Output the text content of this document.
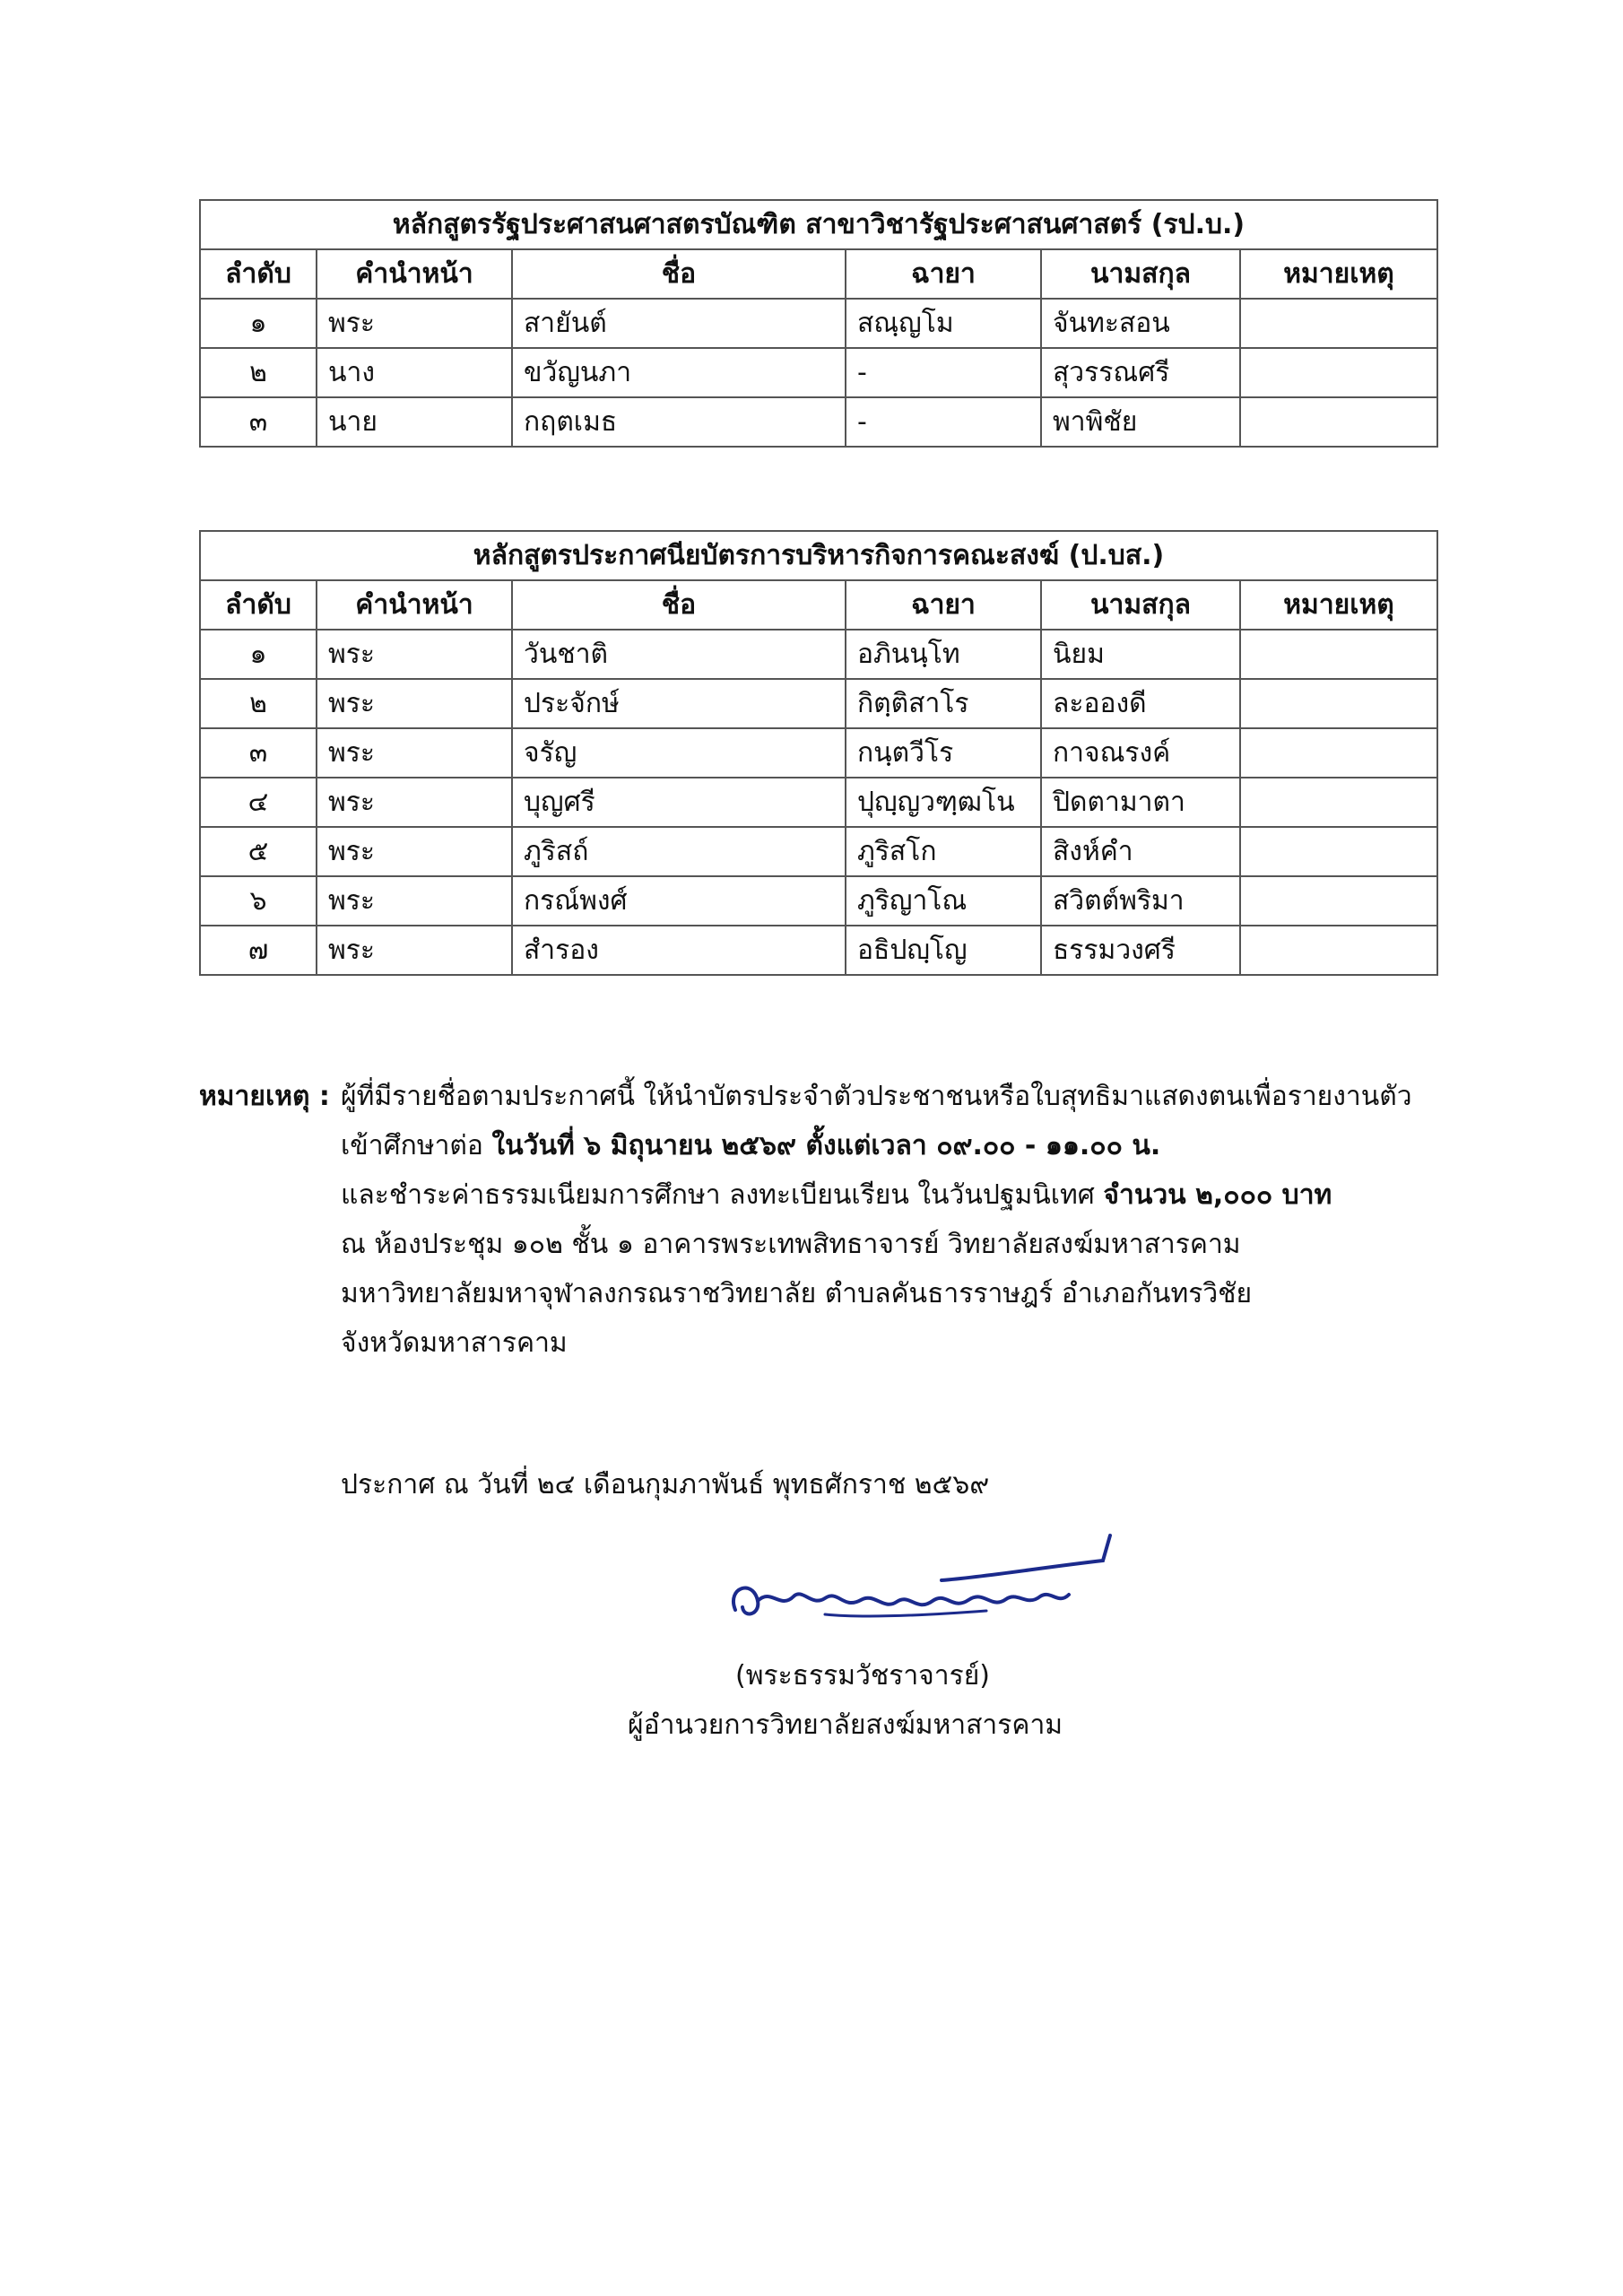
หลักสูตรรัฐประศาสนศาสตรบัณฑิต สาขาวิชารัฐประศาสนศาสตร์ (รป.บ.)					
ลำดับ	คำนำหน้า	ชื่อ	ฉายา	นามสกุล	หมายเหตุ
๑	พระ	สายันต์	สณฺญโม	จันทะสอน	
๒	นาง	ขวัญนภา	-	สุวรรณศรี	
๓	นาย	กฤตเมธ	-	พาพิชัย	
หลักสูตรประกาศนียบัตรการบริหารกิจการคณะสงฆ์ (ป.บส.)					
ลำดับ	คำนำหน้า	ชื่อ	ฉายา	นามสกุล	หมายเหตุ
๑	พระ	วันชาติ	อภินนฺโท	นิยม	
๒	พระ	ประจักษ์	กิตฺติสาโร	ละอองดี	
๓	พระ	จรัญ	กนฺตวีโร	กาจณรงค์	
๔	พระ	บุญศรี	ปุญฺญวฑฺฒโน	ปิดตามาตา	
๕	พระ	ภูริสถ์	ภูริสโก	สิงห์คำ	
๖	พระ	กรณ์พงศ์	ภูริญาโณ	สวิตต์พริมา	
๗	พระ	สำรอง	อธิปญฺโญ	ธรรมวงศรี	
หมายเหตุ : ผู้ที่มีรายชื่อตามประกาศนี้ ให้นำบัตรประจำตัวประชาชนหรือใบสุทธิมาแสดงตนเพื่อรายงานตัว
เข้าศึกษาต่อ ในวันที่ ๖ มิถุนายน ๒๕๖๙ ตั้งแต่เวลา ๐๙.๐๐ - ๑๑.๐๐ น.
และชำระค่าธรรมเนียมการศึกษา ลงทะเบียนเรียน ในวันปฐมนิเทศ จำนวน ๒,๐๐๐ บาท
ณ ห้องประชุม ๑๐๒ ชั้น ๑ อาคารพระเทพสิทธาจารย์ วิทยาลัยสงฆ์มหาสารคาม
มหาวิทยาลัยมหาจุฬาลงกรณราชวิทยาลัย ตำบลคันธารราษฎร์ อำเภอกันทรวิชัย
จังหวัดมหาสารคาม
ประกาศ ณ วันที่ ๒๔ เดือนกุมภาพันธ์ พุทธศักราช ๒๕๖๙
(พระธรรมวัชราจารย์)
ผู้อำนวยการวิทยาลัยสงฆ์มหาสารคาม
